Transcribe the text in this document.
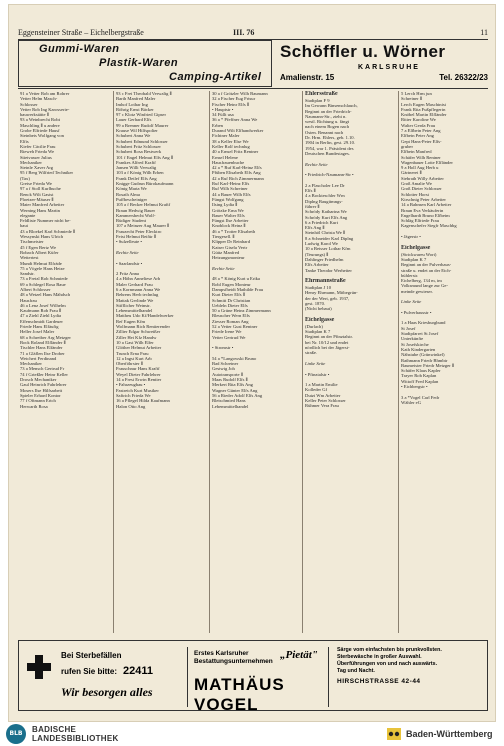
Eggensteiner Straße – Eichelbergstraße	III. 76	11
Gummi-Waren
Plastik-Waren
Camping-Artikel
Schöffler u. Wörner
KARLSRUHE
Amalienstr. 15	Tel. 26322/23
91 a Vetter Rob am Rohrer
Vetter Helm Masch-
Schlosser
Vetter Rob Ing Karosserie-
bauwerkstätte Ⅱ
93 a Weinbrecht Robt
Maschling Ⅱ u andere
Grobe Elfriede Hausf
Steinbeis Wolfgang von
Elfis
Kiefer Cäcilie Frau
Rieweh Frieda We
Stietvasser Julius
Mechaniker
Steinle Xaver Arg
95 f Berg Wilfried Techniker
(Tax)
Greise Frieda We
97 a f Stoll Kurlbuche
Renck Wilt Gastst
Ploetzer-Mäuser Ⅱ
Maier Manfred Arbeiter
Werning Hans Martin
elegante
Feldliste Nummer nicht be-
baut
43 a Bloekel Karl Schmiede Ⅱ
Wessynski Hans Ulrich
Tischmeister
45 f Egen Bertz We
Bobach Albert Küfer
Wettertest
Mundt Helmut Elfräde
75 a Vögele Hans Heize
Sandstr.
73 a Fretzl Rob Schmiede
69 a Schlegel Rosa Baue
Albert Schlosser
48 a Wetzel Hans Mähdsch
Hausfrau
46 a Lenz Josef Wilhelm
Kaufmann Rob Frau Ⅱ
47 a Ziehl Ziehl Lydia
Effenschmidt Gardeuer
Friede Hans Elfäufig
Heller Josef Maler
68 a Schreiber Arg Metzger
Bock Roland Elfländer Ⅱ
Tischler Hans Elfänder
71 a Gläflen Ilse Drober
Weichert Ferdinand
Mechaniker
73 a Mensch Gertrud Fr
74 f Grießler Heinr Keller
Drosch Mechaniker
Gaul Heinrich Fahrlehrer
Mosers Ilse Hilfsarbeit
Spieler Erhard Kontor
77 f Oftmann Erich
Herwarth Rosa
93 c Frei Theobald Verwaltg Ⅱ
Barth Manfred Maler
Imhof Lothar Ing
Röhrig Ernst Bäcker
97 c Klotz Winfried Gipser
Lauer Gerhard Elfs
99 a Brenner Rudolf Maurer
Krause Wil Hilfspolier
Schubert Anna We
Schubert Edmund Schlosser
Schubert Fritz Schlosser
Schubert Rosa Bestwerk
101 f Engel Helmut Elfs Ang Ⅱ
Frankes Alfred Kraftf
Jansen Willi Verwaltg
103 a f König Wilh Erben
Frank Detlef Elfs Ang
Knigge Gudrun Bürokaufmann
König Maria We
Rosath Alma
Puffbescheiniger
105 a f Becker Helmut Kraftf
Braun Hedwig Bauer
Kammersbecht Wolf-
Rüdiger Student
107 a Meinzer Aug Maurer Ⅱ
Frauzecht Peter Elecktro
Feist Helmut Beifür Ⅱ
• Sulzelleute •

Rechte Seite

• Saarlandstr •

2 Fritz Anna
4 a Höhn Anneliese Arb
Maler Gerhard Frau
6 a Kornmann Anna We
Behrens Herb technlug
Mattak Gerlinde We
Stifflicher Weinstr.
Lebensmittelhandel
Mattheu Udo Kf/Handelwerker
Ref Eugen Kfm
Wolfmann Rich Rentierender
Zillier Edgar Schweißer
Ziller Hei Kfz Handw
10 a Gast Wilh Elfer
Glöther Helmut Arbeiter
Trunch Erna Frau
12 a Ingst Kurt Arb
Oberföhrster Ⅱ
Frauschnur Hans Kraftf
Weyel Dieter Fahrlehrer
14 a Fresi Erwin Rentier
• Fahrzeugbau •
Fastreich Kurt Musiker
Saftrich Frieda We
16 a Pflegel Hilda Kaufmann
Halon Otto Ang
30 a f Grötzler Wilh Baumann
32 a Fischer Eug Frisur
Fischer Heinr Elfs Ⅱ
• Hauptstr •
34 Füllt usa
36 a * Pfeffner Anna We
Erben
Durand Wilt Elfhandwerker
Fichtner Maler
38 a Keller Else We
Keller Rolf technlug
40 a Ernsel Fritz Rentner
Ernsel Helene
Hausfrauenbuche
42 a * Ruf Karl-Heinz Elfs
Pfüben Elisabeth Elfs Ang
42 a Ruf Rich Zimmermann
Ruf Karl-Heinz Elfs
Ruf Wilh Schreiner
44 a Bauer Wilh Elfs
Füngst Wolfgang
Ilsing Lydia Ⅱ
Grötzke Erna We
Bauer Walter Elfs
Füngst Ilse Arbeiter
Knoblock Heinz Ⅱ
46 a * Trotter Elisabeth
Tiergesell. Ⅱ
Klipper Dr Reinhard
Kaiser Gisela Vertr
Güttz Manfred
Heizungsmonteur

Rechte Seite

48 a * König Kurt u Erika
Robl Eugen Monteur
Dampsfheidt Mathilde Frau
Kurt Dieter Elfs Ⅱ
Schmitt Dr Christian
Uebleln Dieter Elfs
50 a Grüne Heinz Zimmermann
Bleuscher Wern Elfs
Ziesser Roman Ang
52 a Vetter Gust Rentner
Friede Irene We
Vetter Gertrud We

• Stromstr •

54 a *Langowski Bruno
Bad Schreiner
Gestwig Joh
Autotransporte Ⅱ
Maas Rudolf Elfs Ⅱ
Merkert Rita Elfs Ang
Wagner Günter Elfs Ang
56 a Rieder Adolf Elfs Ang
Bleischmied Hans
Lebensmittelhandel
Ehlersstraße
Stadtplan F 9
Im Gewann Binsenschlauch,
Beginnt an der Friedrich-
Naumann-Str., zieht n.
westl. Richtung u. fängt
nach einem Bogen nach
Osten. Benannt nach
Dr. Hrm. Ehlers, geb. 1.10.
1904 in Berlin, gest. 29.10.
1954, war 1. Präsident des
Deutschen Bundestages.

Rechte Seite

• Friedrich-Naumann-Str •

2 a Flascholer Lee Dr
Elfs Ⅱ
4 a Bockteschler Wrn
Diplng Baugitmngs-
führer Ⅱ
Schrödy Katharina We
Schrödy Kurt Elfs Ang
6 a Friedrich Kurt
Elfs Ang Ⅱ
Steinhöl Christa We Ⅱ
8 a Schneider Karl Diplng
Ludwig Karol We
10 a Beisser Lothar Kfm
(Teurungs) Ⅱ
Dahlinger Friedhelm
Elfs Arbeiter
Tanke Theodor Werheiter

Ehrmannstraße
Stadtplan J 10
Henry Ehrmann, Mitbegrün-
der der Wert, geb. 1937,
gest. 1870.
(Nicht bebaut)

Eichelgasse
(Durlach)
Stadtplan K 7
Beginnt an der Pfinztalstr.
bei Nr. 10/12 und endet
nördlich bei der Jägerst-
straße.

Linke Seite

• Pfinztalstr •

1 a Martin Emilie
Kolleder Gf
Dutzi Wm Arbeiter
Keller Peter Schlosser
Rühmer Vera Frau
5 Lerch Hrm jun
Schreiner Ⅱ
Lerch Eugen Maschinist
Frank Rita Fußpflegerin
Knöbel Martin Elfländer
Ritter Karoline We
Walter Gerda Frau
7 a Elfbein Peter Ang
Elfbein Peter Ang
Gept Hans-Peter Elfs-
gruber
Elfbein Manfred
Schäfer Wilh Rentner
Wagenbauer Lotte Elfländer
9 a Holl Aug Herb u
Gärtnerei Ⅱ
Siebrath Willy Arbeiter
Groß Amalie We
Groß Dieter Schlosser
Schlotter Horst
Ktrschnig Peter Arbeiter
14 a Bahnsen Karl Arbeiter
Braun Eva Verkäuferin
Engelhardt Bruno Elfbeim
Schläg Elfriede Frau
Kagenschefer Siegfr Maschbg

• Jägerstr •

Eichelgasse
(Strickwareu Wort)
Stadtplan K 7
Beginnt an der Pulverhaus-
straße u. endet an der Eich-
bühlerstr.
Eichelberg, 134 m, im
Volksmund lange zur Ge-
meinde gewieser.

Linke Seite

• Pulverhausstr •

1 a Haas Kriesburgbund
St Josef
Stadtpfarrei St Josef
Unterkünfte
St Josefskirche
Kath Kindergarten
Nähstube (Grünwinkel)
Rathmann Friedr Bhmbtr
Baumeister Friedr Metzger Ⅱ
Schäfer Klaus Kapler
Trayer Rob Kaplan
Wittoff Fred Kaplan
• Eichbergstr •

3 a *Vogel Carl Fedr
Wähler eG
Bei Sterbefällen
rufen Sie bitte: 22411
Wir besorgen alles
Erstes Karlsruher
Bestattungsunternehmen
„Pietät"
MATHÄUS VOGEL
Särge vom einfachsten bis prunkvollsten.
Sterbewäsche in großer Auswahl.
Überführungen von und nach auswärts.
Tag und Nacht.
HIRSCHSTRASSE 42-44
BLB	BADISCHE
LANDESBIBLIOTHEK	Baden-Württemberg
